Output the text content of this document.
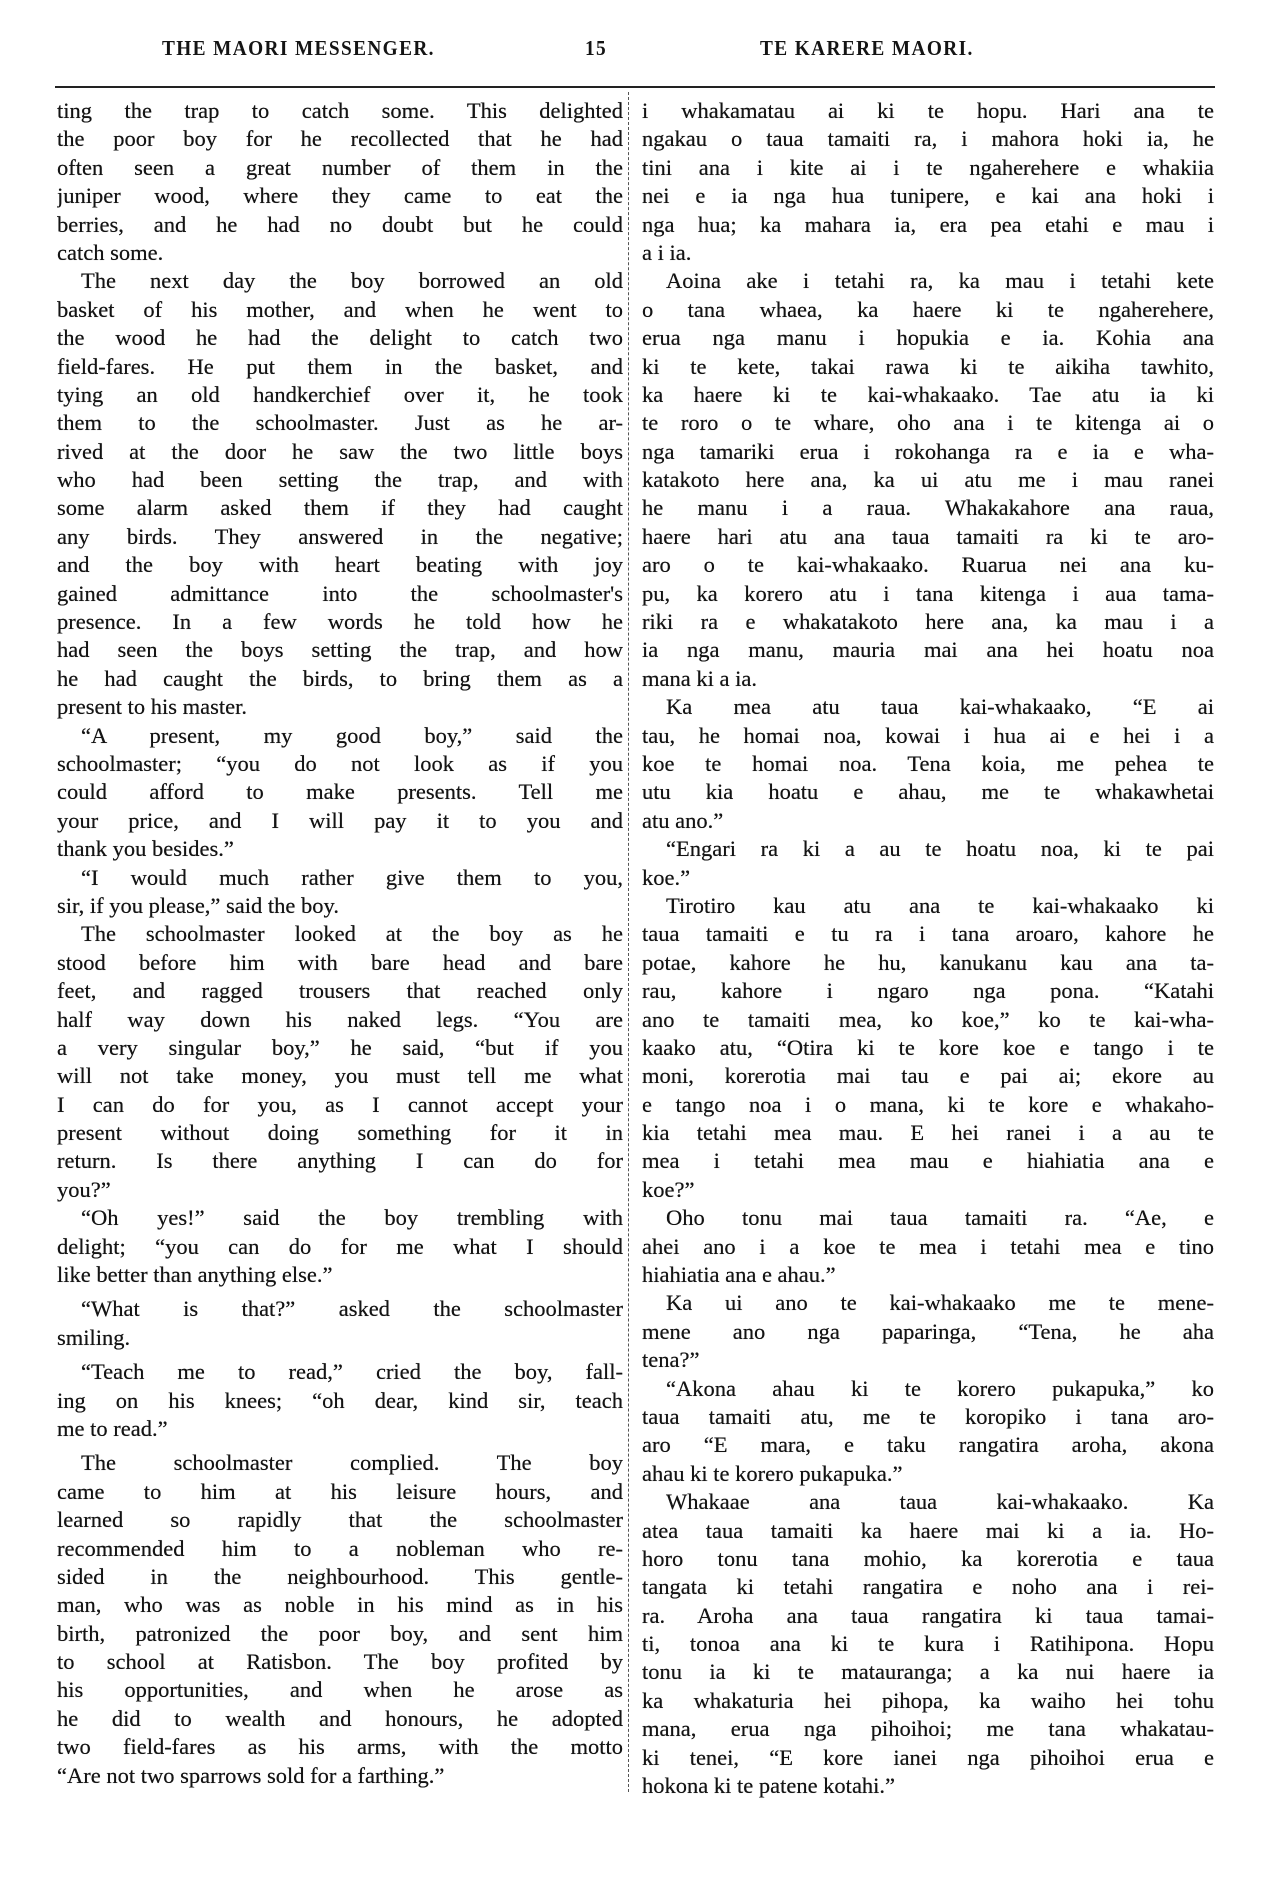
THE MAORI MESSENGER.	15	TE KARERE MAORI.
ting the trap to catch some. This delighted
the poor boy for he recollected that he had
often seen a great number of them in the
juniper wood, where they came to eat the
berries, and he had no doubt but he could
catch some.
The next day the boy borrowed an old
basket of his mother, and when he went to
the wood he had the delight to catch two
field-fares. He put them in the basket, and
tying an old handkerchief over it, he took
them to the schoolmaster. Just as he ar-
rived at the door he saw the two little boys
who had been setting the trap, and with
some alarm asked them if they had caught
any birds. They answered in the negative;
and the boy with heart beating with joy
gained admittance into the schoolmaster's
presence. In a few words he told how he
had seen the boys setting the trap, and how
he had caught the birds, to bring them as a
present to his master.
“A present, my good boy,” said the
schoolmaster; “you do not look as if you
could afford to make presents. Tell me
your price, and I will pay it to you and
thank you besides.”
“I would much rather give them to you,
sir, if you please,” said the boy.
The schoolmaster looked at the boy as he
stood before him with bare head and bare
feet, and ragged trousers that reached only
half way down his naked legs. “You are
a very singular boy,” he said, “but if you
will not take money, you must tell me what
I can do for you, as I cannot accept your
present without doing something for it in
return. Is there anything I can do for
you?”
“Oh yes!” said the boy trembling with
delight; “you can do for me what I should
like better than anything else.”
“What is that?” asked the schoolmaster
smiling.
“Teach me to read,” cried the boy, fall-
ing on his knees; “oh dear, kind sir, teach
me to read.”
The schoolmaster complied. The boy
came to him at his leisure hours, and
learned so rapidly that the schoolmaster
recommended him to a nobleman who re-
sided in the neighbourhood. This gentle-
man, who was as noble in his mind as in his
birth, patronized the poor boy, and sent him
to school at Ratisbon. The boy profited by
his opportunities, and when he arose as
he did to wealth and honours, he adopted
two field-fares as his arms, with the motto
“Are not two sparrows sold for a farthing.”
i whakamatau ai ki te hopu. Hari ana te
ngakau o taua tamaiti ra, i mahora hoki ia, he
tini ana i kite ai i te ngaherehere e whakiia
nei e ia nga hua tunipere, e kai ana hoki i
nga hua; ka mahara ia, era pea etahi e mau i
a i ia.
Aoina ake i tetahi ra, ka mau i tetahi kete
o tana whaea, ka haere ki te ngaherehere,
erua nga manu i hopukia e ia. Kohia ana
ki te kete, takai rawa ki te aikiha tawhito,
ka haere ki te kai-whakaako. Tae atu ia ki
te roro o te whare, oho ana i te kitenga ai o
nga tamariki erua i rokohanga ra e ia e wha-
katakoto here ana, ka ui atu me i mau ranei
he manu i a raua. Whakakahore ana raua,
haere hari atu ana taua tamaiti ra ki te aro-
aro o te kai-whakaako. Ruarua nei ana ku-
pu, ka korero atu i tana kitenga i aua tama-
riki ra e whakatakoto here ana, ka mau i a
ia nga manu, mauria mai ana hei hoatu noa
mana ki a ia.
Ka mea atu taua kai-whakaako, “E ai
tau, he homai noa, kowai i hua ai e hei i a
koe te homai noa. Tena koia, me pehea te
utu kia hoatu e ahau, me te whakawhetai
atu ano.”
“Engari ra ki a au te hoatu noa, ki te pai
koe.”
Tirotiro kau atu ana te kai-whakaako ki
taua tamaiti e tu ra i tana aroaro, kahore he
potae, kahore he hu, kanukanu kau ana ta-
rau, kahore i ngaro nga pona. “Katahi
ano te tamaiti mea, ko koe,” ko te kai-wha-
kaako atu, “Otira ki te kore koe e tango i te
moni, korerotia mai tau e pai ai; ekore au
e tango noa i o mana, ki te kore e whakaho-
kia tetahi mea mau. E hei ranei i a au te
mea i tetahi mea mau e hiahiatia ana e
koe?”
Oho tonu mai taua tamaiti ra. “Ae, e
ahei ano i a koe te mea i tetahi mea e tino
hiahiatia ana e ahau.”
Ka ui ano te kai-whakaako me te mene-
mene ano nga paparinga, “Tena, he aha
tena?”
“Akona ahau ki te korero pukapuka,” ko
taua tamaiti atu, me te koropiko i tana aro-
aro “E mara, e taku rangatira aroha, akona
ahau ki te korero pukapuka.”
Whakaae ana taua kai-whakaako. Ka
atea taua tamaiti ka haere mai ki a ia. Ho-
horo tonu tana mohio, ka korerotia e taua
tangata ki tetahi rangatira e noho ana i rei-
ra. Aroha ana taua rangatira ki taua tamai-
ti, tonoa ana ki te kura i Ratihipona. Hopu
tonu ia ki te matauranga; a ka nui haere ia
ka whakaturia hei pihopa, ka waiho hei tohu
mana, erua nga pihoihoi; me tana whakatau-
ki tenei, “E kore ianei nga pihoihoi erua e
hokona ki te patene kotahi.”
